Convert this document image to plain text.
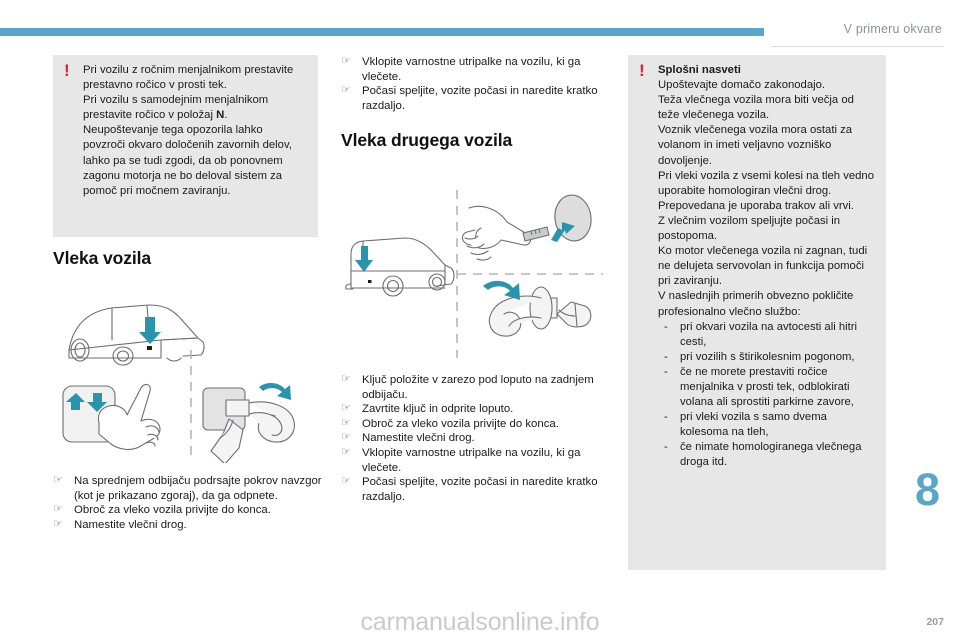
V primeru okvare
! Pri vozilu z ročnim menjalnikom prestavite prestavno ročico v prosti tek.

Pri vozilu s samodejnim menjalnikom prestavite ročico v položaj N.

Neupoštevanje tega opozorila lahko povzroči okvaro določenih zavornih delov, lahko pa se tudi zgodi, da ob ponovnem zagonu motorja ne bo deloval sistem za pomoč pri močnem zaviranju.

Vleka vozila
☞ Na sprednjem odbijaču podrsajte pokrov navzgor (kot je prikazano zgoraj), da ga odpnete.
☞ Obroč za vleko vozila privijte do konca.
☞ Namestite vlečni drog.
☞ Vklopite varnostne utripalke na vozilu, ki ga vlečete.
☞ Počasi speljite, vozite počasi in naredite kratko razdaljo.
Vleka drugega vozila
☞ Ključ položite v zarezo pod loputo na zadnjem odbijaču.
☞ Zavrtite ključ in odprite loputo.
☞ Obroč za vleko vozila privijte do konca.
☞ Namestite vlečni drog.
☞ Vklopite varnostne utripalke na vozilu, ki ga vlečete.
☞ Počasi speljite, vozite počasi in naredite kratko razdaljo.
! Splošni nasveti

Upoštevajte domačo zakonodajo.

Teža vlečnega vozila mora biti večja od teže vlečenega vozila.

Voznik vlečenega vozila mora ostati za volanom in imeti veljavno vozniško dovoljenje.

Pri vleki vozila z vsemi kolesi na tleh vedno uporabite homologiran vlečni drog.

Prepovedana je uporaba trakov ali vrvi.

Z vlečnim vozilom speljujte počasi in postopoma.

Ko motor vlečenega vozila ni zagnan, tudi ne delujeta servovolan in funkcija pomoči pri zaviranju.

V naslednjih primerih obvezno pokličite profesionalno vlečno službo:

- pri okvari vozila na avtocesti ali hitri cesti,
- pri vozilih s štirikolesnim pogonom,
- če ne morete prestaviti ročice menjalnika v prosti tek, odblokirati volana ali sprostiti parkirne zavore,
- pri vleki vozila s samo dvema kolesoma na tleh,
- če nimate homologiranega vlečnega droga itd.
8
carmanualsonline.info	207
